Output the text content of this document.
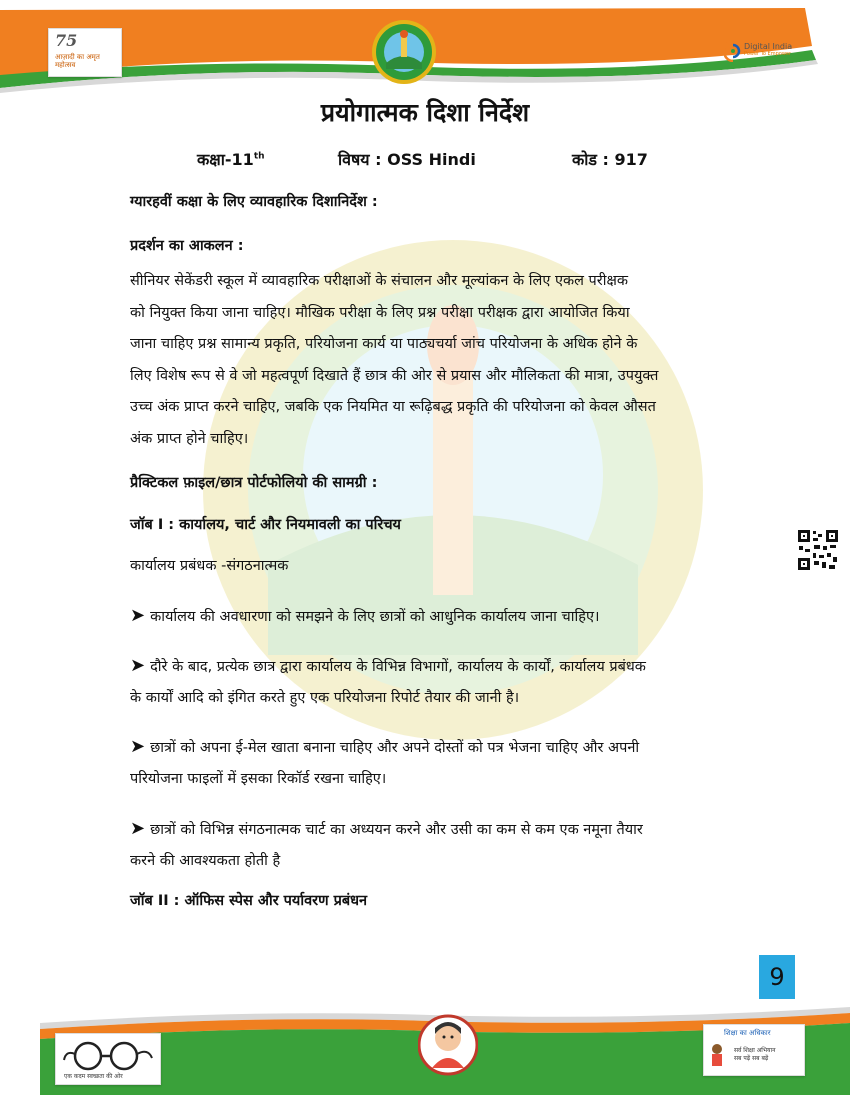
75
आज़ादी का अमृत महोत्सव
Digital India
Power To Empower
प्रयोगात्मक दिशा निर्देश
कक्षा-11th	विषय : OSS Hindi	कोड : 917
ग्यारहवीं कक्षा के लिए व्यावहारिक दिशानिर्देश :
प्रदर्शन का आकलन :
सीनियर सेकेंडरी स्कूल में व्यावहारिक परीक्षाओं के संचालन और मूल्यांकन के लिए एकल परीक्षक
को नियुक्त किया जाना चाहिए। मौखिक परीक्षा के लिए प्रश्न परीक्षा परीक्षक द्वारा आयोजित किया
जाना चाहिए प्रश्न सामान्य प्रकृति, परियोजना कार्य या पाठ्यचर्या जांच परियोजना के अधिक होने के
लिए विशेष रूप से वे जो महत्वपूर्ण दिखाते हैं छात्र की ओर से प्रयास और मौलिकता की मात्रा, उपयुक्त
उच्च अंक प्राप्त करने चाहिए, जबकि एक नियमित या रूढ़िबद्ध प्रकृति की परियोजना को केवल औसत
अंक प्राप्त होने चाहिए।
प्रैक्टिकल फ़ाइल/छात्र पोर्टफोलियो की सामग्री :
जॉब I : कार्यालय, चार्ट और नियमावली का परिचय
कार्यालय प्रबंधक -संगठनात्मक
➤ कार्यालय की अवधारणा को समझने के लिए छात्रों को आधुनिक कार्यालय जाना चाहिए।
➤ दौरे के बाद, प्रत्येक छात्र द्वारा कार्यालय के विभिन्न विभागों, कार्यालय के कार्यों, कार्यालय प्रबंधक
के कार्यों आदि को इंगित करते हुए एक परियोजना रिपोर्ट तैयार की जानी है।
➤ छात्रों को अपना ई-मेल खाता बनाना चाहिए और अपने दोस्तों को पत्र भेजना चाहिए और अपनी
परियोजना फाइलों में इसका रिकॉर्ड रखना चाहिए।
➤ छात्रों को विभिन्न संगठनात्मक चार्ट का अध्ययन करने और उसी का कम से कम एक नमूना तैयार
करने की आवश्यकता होती है
जॉब II : ऑफिस स्पेस और पर्यावरण प्रबंधन
9
एक कदम स्वच्छता की ओर
शिक्षा का अधिकार
सर्व शिक्षा अभियान
सब पढ़ें सब बढ़ें
